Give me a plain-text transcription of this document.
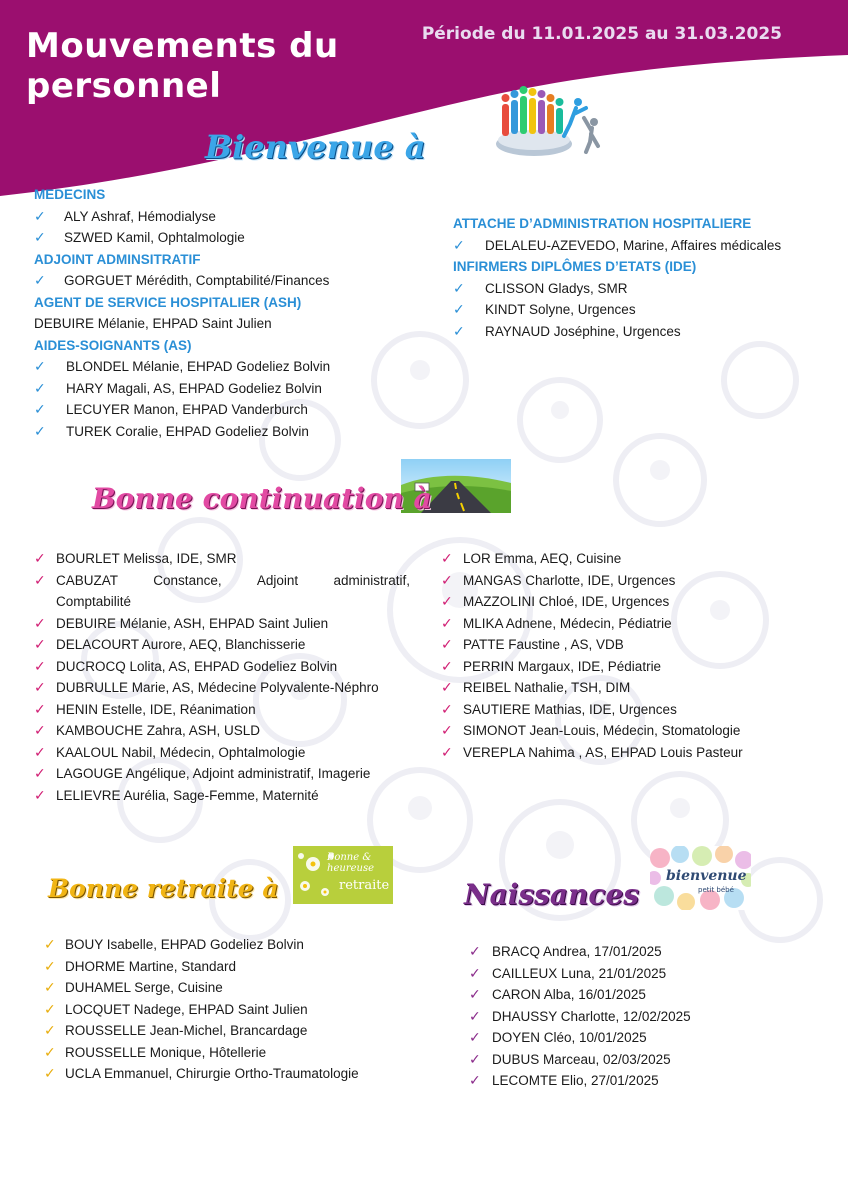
Mouvements du
personnel
Période du 11.01.2025 au 31.03.2025
Bienvenue à
MEDECINS
✓ ALY Ashraf, Hémodialyse
✓ SZWED Kamil, Ophtalmologie
ADJOINT ADMINSITRATIF
✓ GORGUET Mérédith, Comptabilité/Finances
AGENT DE SERVICE HOSPITALIER (ASH)
DEBUIRE Mélanie, EHPAD Saint Julien
AIDES-SOIGNANTS (AS)
✓ BLONDEL Mélanie, EHPAD Godeliez Bolvin
✓ HARY Magali, AS, EHPAD Godeliez Bolvin
✓ LECUYER Manon, EHPAD Vanderburch
✓ TUREK Coralie, EHPAD Godeliez Bolvin
ATTACHE D’ADMINISTRATION HOSPITALIERE
✓ DELALEU-AZEVEDO, Marine, Affaires médicales
INFIRMERS DIPLÔMES D’ETATS (IDE)
✓ CLISSON Gladys, SMR
✓ KINDT Solyne, Urgences
✓ RAYNAUD Joséphine, Urgences
Bonne continuation à
✓ BOURLET Melissa, IDE, SMR
✓ CABUZAT	Constance,	Adjoint	administratif,
Comptabilité
✓ DEBUIRE Mélanie, ASH, EHPAD Saint Julien
✓ DELACOURT Aurore, AEQ, Blanchisserie
✓ DUCROCQ Lolita, AS, EHPAD Godeliez Bolvin
✓ DUBRULLE Marie, AS, Médecine Polyvalente-Néphro
✓ HENIN Estelle, IDE, Réanimation
✓ KAMBOUCHE Zahra, ASH, USLD
✓ KAALOUL Nabil, Médecin, Ophtalmologie
✓ LAGOUGE Angélique, Adjoint administratif, Imagerie
✓ LELIEVRE Aurélia, Sage-Femme, Maternité
✓ LOR Emma, AEQ, Cuisine
✓ MANGAS Charlotte, IDE, Urgences
✓ MAZZOLINI Chloé, IDE, Urgences
✓ MLIKA Adnene, Médecin, Pédiatrie
✓ PATTE Faustine , AS, VDB
✓ PERRIN Margaux, IDE, Pédiatrie
✓ REIBEL Nathalie, TSH, DIM
✓ SAUTIERE Mathias, IDE, Urgences
✓ SIMONOT Jean-Louis, Médecin, Stomatologie
✓ VEREPLA Nahima , AS, EHPAD Louis Pasteur
Bonne & heureuse
retraite
Bonne retraite à
✓ BOUY Isabelle, EHPAD Godeliez Bolvin
✓ DHORME Martine, Standard
✓ DUHAMEL Serge, Cuisine
✓ LOCQUET Nadege, EHPAD Saint Julien
✓ ROUSSELLE Jean-Michel, Brancardage
✓ ROUSSELLE Monique, Hôtellerie
✓ UCLA Emmanuel, Chirurgie Ortho-Traumatologie
bienvenue
petit bébé
Naissances
✓ BRACQ Andrea, 17/01/2025
✓ CAILLEUX Luna, 21/01/2025
✓ CARON Alba, 16/01/2025
✓ DHAUSSY Charlotte, 12/02/2025
✓ DOYEN Cléo, 10/01/2025
✓ DUBUS Marceau, 02/03/2025
✓ LECOMTE Elio, 27/01/2025
